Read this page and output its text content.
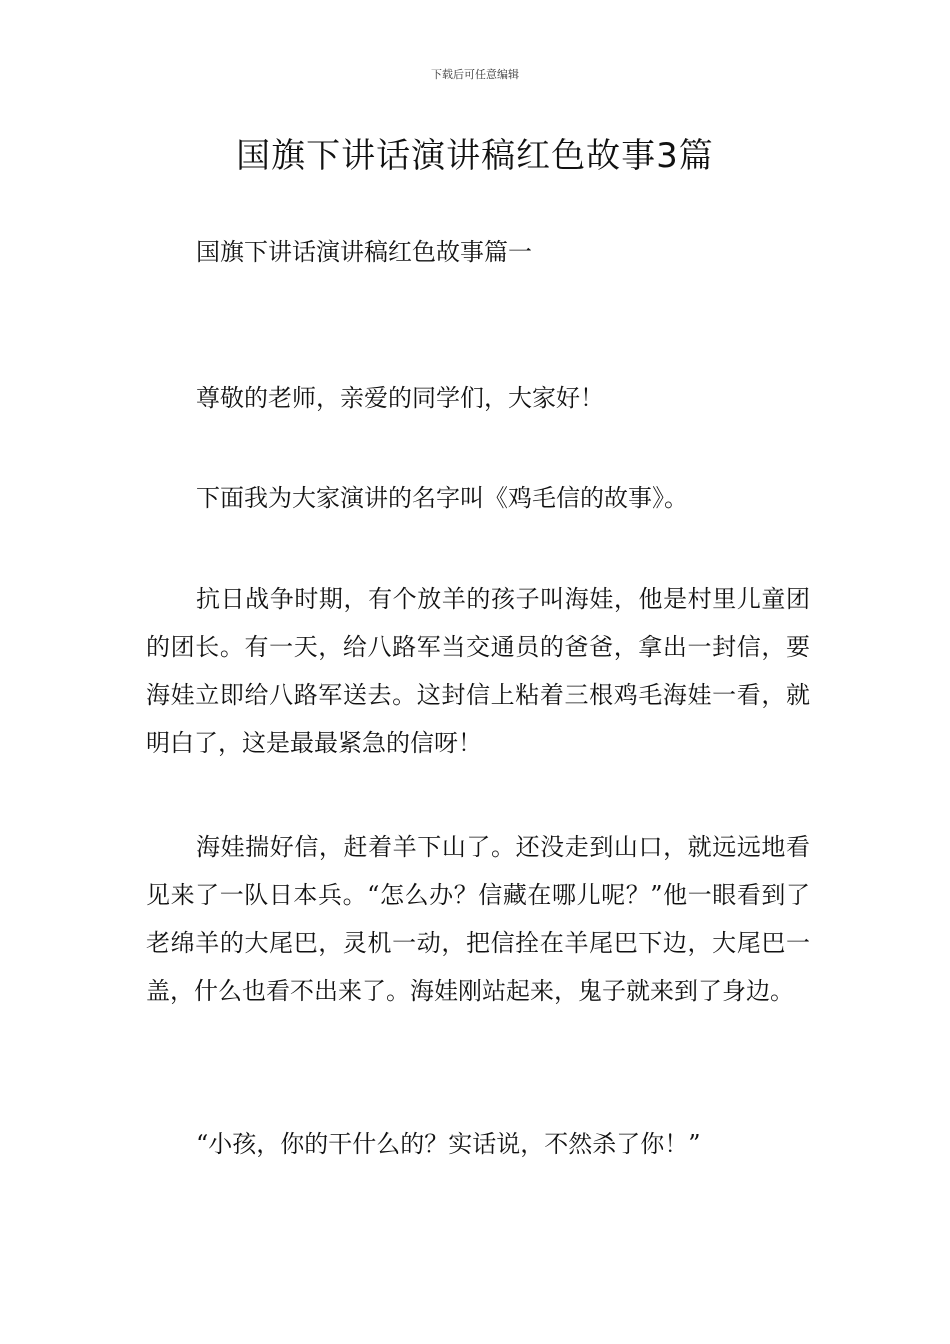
下载后可任意编辑
国旗下讲话演讲稿红色故事3篇
国旗下讲话演讲稿红色故事篇一

尊敬的老师，亲爱的同学们，大家好！

下面我为大家演讲的名字叫《鸡毛信的故事》。

抗日战争时期，有个放羊的孩子叫海娃，他是村里儿童团的团长。有一天，给八路军当交通员的爸爸，拿出一封信，要海娃立即给八路军送去。这封信上粘着三根鸡毛海娃一看，就明白了，这是最最紧急的信呀！

海娃揣好信，赶着羊下山了。还没走到山口，就远远地看见来了一队日本兵。“怎么办？信藏在哪儿呢？”他一眼看到了老绵羊的大尾巴，灵机一动，把信拴在羊尾巴下边，大尾巴一盖，什么也看不出来了。海娃刚站起来，鬼子就来到了身边。

“小孩，你的干什么的？实话说，不然杀了你！”
